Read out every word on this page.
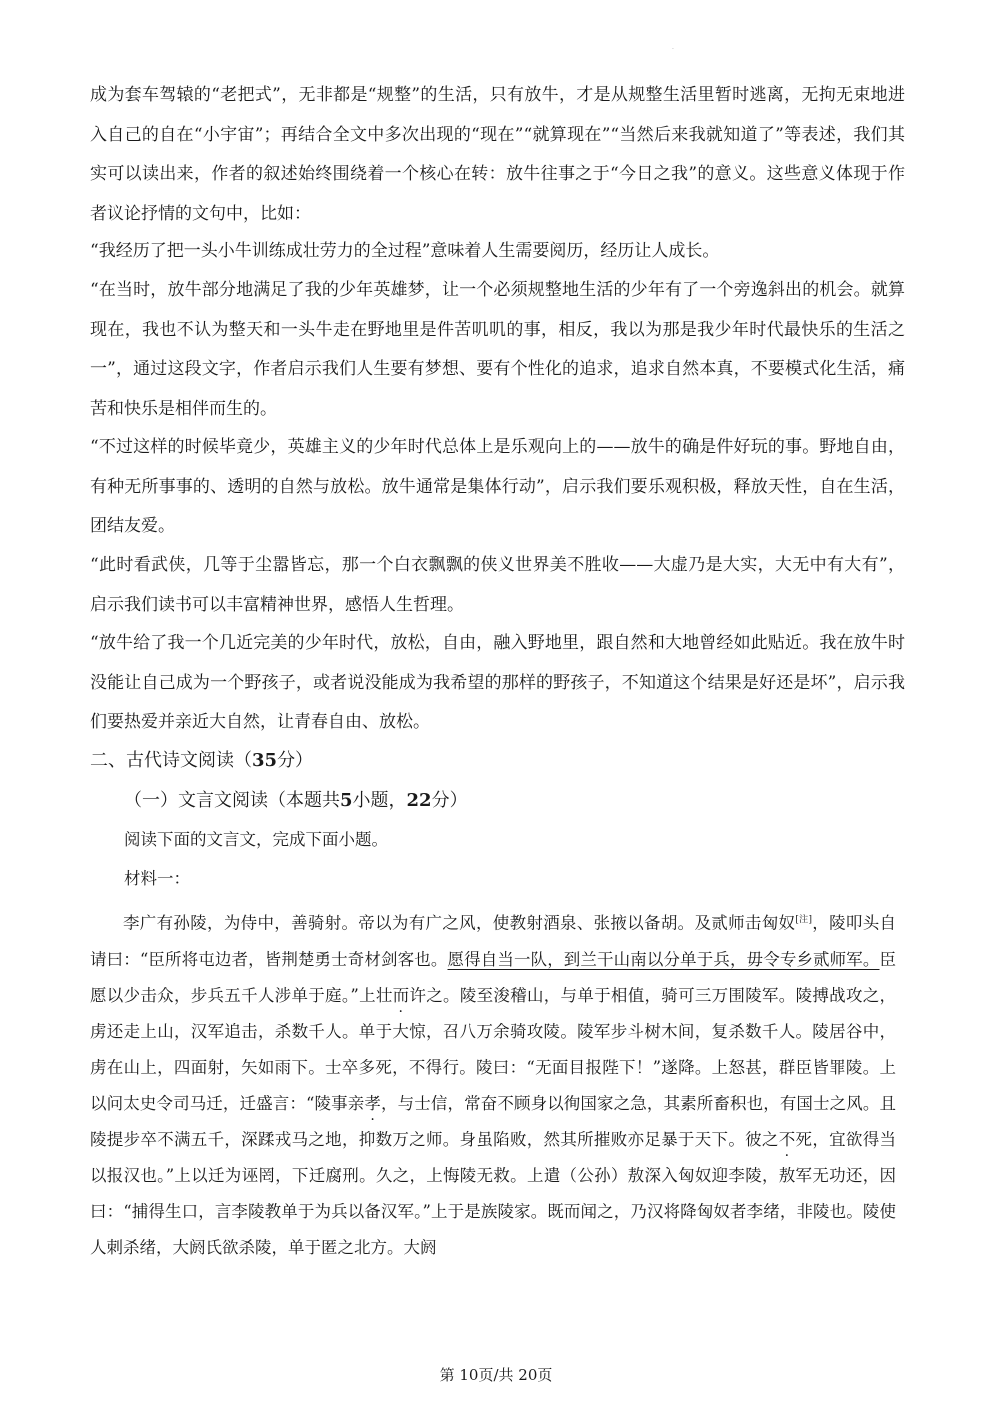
·

成为套车驾辕的“老把式”，无非都是“规整”的生活，只有放牛，才是从规整生活里暂时逃离，无拘无束地进入自己的自在“小宇宙”；再结合全文中多次出现的“现在”“就算现在”“当然后来我就知道了”等表述，我们其实可以读出来，作者的叙述始终围绕着一个核心在转：放牛往事之于“今日之我”的意义。这些意义体现于作者议论抒情的文句中，比如：

“我经历了把一头小牛训练成壮劳力的全过程”意味着人生需要阅历，经历让人成长。

“在当时，放牛部分地满足了我的少年英雄梦，让一个必须规整地生活的少年有了一个旁逸斜出的机会。就算现在，我也不认为整天和一头牛走在野地里是件苦叽叽的事，相反，我以为那是我少年时代最快乐的生活之一”，通过这段文字，作者启示我们人生要有梦想、要有个性化的追求，追求自然本真，不要模式化生活，痛苦和快乐是相伴而生的。

“不过这样的时候毕竟少，英雄主义的少年时代总体上是乐观向上的——放牛的确是件好玩的事。野地自由，有种无所事事的、透明的自然与放松。放牛通常是集体行动”，启示我们要乐观积极，释放天性，自在生活，团结友爱。

“此时看武侠，几等于尘嚣皆忘，那一个白衣飘飘的侠义世界美不胜收——大虚乃是大实，大无中有大有”，启示我们读书可以丰富精神世界，感悟人生哲理。

“放牛给了我一个几近完美的少年时代，放松，自由，融入野地里，跟自然和大地曾经如此贴近。我在放牛时没能让自己成为一个野孩子，或者说没能成为我希望的那样的野孩子，不知道这个结果是好还是坏”，启示我们要热爱并亲近大自然，让青春自由、放松。

二、古代诗文阅读（35分）

（一）文言文阅读（本题共5小题，22分）

阅读下面的文言文，完成下面小题。

材料一：

李广有孙陵，为侍中，善骑射。帝以为有广之风，使教射酒泉、张掖以备胡。及贰师击匈奴[注]，陵叩头自请曰：“臣所将屯边者，皆荆楚勇士奇材剑客也。愿得自当一队，到兰干山南以分单于兵，毋令专乡贰师军。臣愿以少击众，步兵五千人涉单于庭。”上壮而许之。陵至浚稽山，与单于相值，骑可三万围陵军。陵搏战攻之，虏还走上山，汉军追击，杀数千人。单于大惊，召八万余骑攻陵。陵军步斗树木间，复杀数千人。陵居谷中，虏在山上，四面射，矢如雨下。士卒多死，不得行。陵曰：“无面目报陛下！”遂降。上怒甚，群臣皆罪陵。上以问太史令司马迁，迁盛言：“陵事亲孝，与士信，常奋不顾身以徇国家之急，其素所畜积也，有国士之风。且陵提步卒不满五千，深蹂戎马之地，抑数万之师。身虽陷败，然其所摧败亦足暴于天下。彼之不死，宜欲得当以报汉也。”上以迁为诬罔，下迁腐刑。久之，上悔陵无救。上遣（公孙）敖深入匈奴迎李陵，敖军无功还，因曰：“捕得生口，言李陵教单于为兵以备汉军。”上于是族陵家。既而闻之，乃汉将降匈奴者李绪，非陵也。陵使人刺杀绪，大阏氏欲杀陵，单于匿之北方。大阏

第 10页/共 20页
